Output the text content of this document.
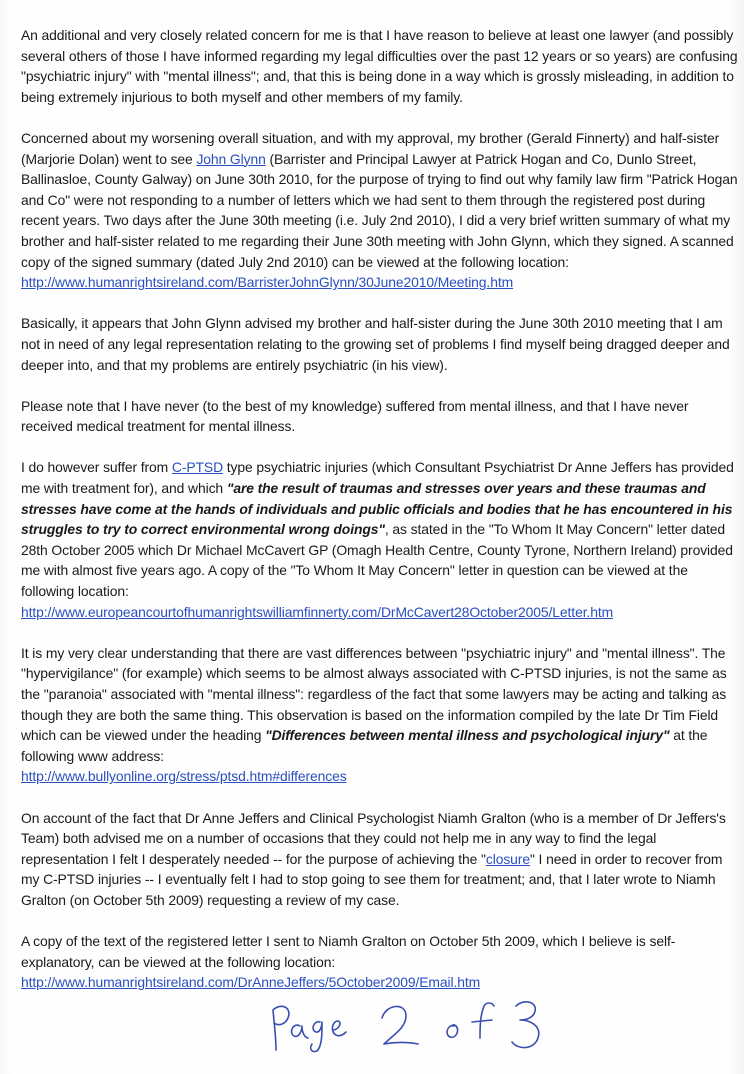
An additional and very closely related concern for me is that I have reason to believe at least one lawyer (and possibly several others of those I have informed regarding my legal difficulties over the past 12 years or so years) are confusing "psychiatric injury" with "mental illness"; and, that this is being done in a way which is grossly misleading, in addition to being extremely injurious to both myself and other members of my family.

Concerned about my worsening overall situation, and with my approval, my brother (Gerald Finnerty) and half-sister (Marjorie Dolan) went to see John Glynn (Barrister and Principal Lawyer at Patrick Hogan and Co, Dunlo Street, Ballinasloe, County Galway) on June 30th 2010, for the purpose of trying to find out why family law firm "Patrick Hogan and Co" were not responding to a number of letters which we had sent to them through the registered post during recent years. Two days after the June 30th meeting (i.e. July 2nd 2010), I did a very brief written summary of what my brother and half-sister related to me regarding their June 30th meeting with John Glynn, which they signed. A scanned copy of the signed summary (dated July 2nd 2010) can be viewed at the following location:
http://www.humanrightsireland.com/BarristerJohnGlynn/30June2010/Meeting.htm

Basically, it appears that John Glynn advised my brother and half-sister during the June 30th 2010 meeting that I am not in need of any legal representation relating to the growing set of problems I find myself being dragged deeper and deeper into, and that my problems are entirely psychiatric (in his view).

Please note that I have never (to the best of my knowledge) suffered from mental illness, and that I have never received medical treatment for mental illness.

I do however suffer from C-PTSD type psychiatric injuries (which Consultant Psychiatrist Dr Anne Jeffers has provided me with treatment for), and which "are the result of traumas and stresses over years and these traumas and stresses have come at the hands of individuals and public officials and bodies that he has encountered in his struggles to try to correct environmental wrong doings", as stated in the "To Whom It May Concern" letter dated 28th October 2005 which Dr Michael McCavert GP (Omagh Health Centre, County Tyrone, Northern Ireland) provided me with almost five years ago. A copy of the "To Whom It May Concern" letter in question can be viewed at the following location:
http://www.europeancourtofhumanrightswilliamfinnerty.com/DrMcCavert28October2005/Letter.htm

It is my very clear understanding that there are vast differences between "psychiatric injury" and "mental illness". The "hypervigilance" (for example) which seems to be almost always associated with C-PTSD injuries, is not the same as the "paranoia" associated with "mental illness": regardless of the fact that some lawyers may be acting and talking as though they are both the same thing. This observation is based on the information compiled by the late Dr Tim Field which can be viewed under the heading "Differences between mental illness and psychological injury" at the following www address:
http://www.bullyonline.org/stress/ptsd.htm#differences

On account of the fact that Dr Anne Jeffers and Clinical Psychologist Niamh Gralton (who is a member of Dr Jeffers's Team) both advised me on a number of occasions that they could not help me in any way to find the legal representation I felt I desperately needed -- for the purpose of achieving the "closure" I need in order to recover from my C-PTSD injuries -- I eventually felt I had to stop going to see them for treatment; and, that I later wrote to Niamh Gralton (on October 5th 2009) requesting a review of my case.

A copy of the text of the registered letter I sent to Niamh Gralton on October 5th 2009, which I believe is self-explanatory, can be viewed at the following location:
http://www.humanrightsireland.com/DrAnneJeffers/5October2009/Email.htm
